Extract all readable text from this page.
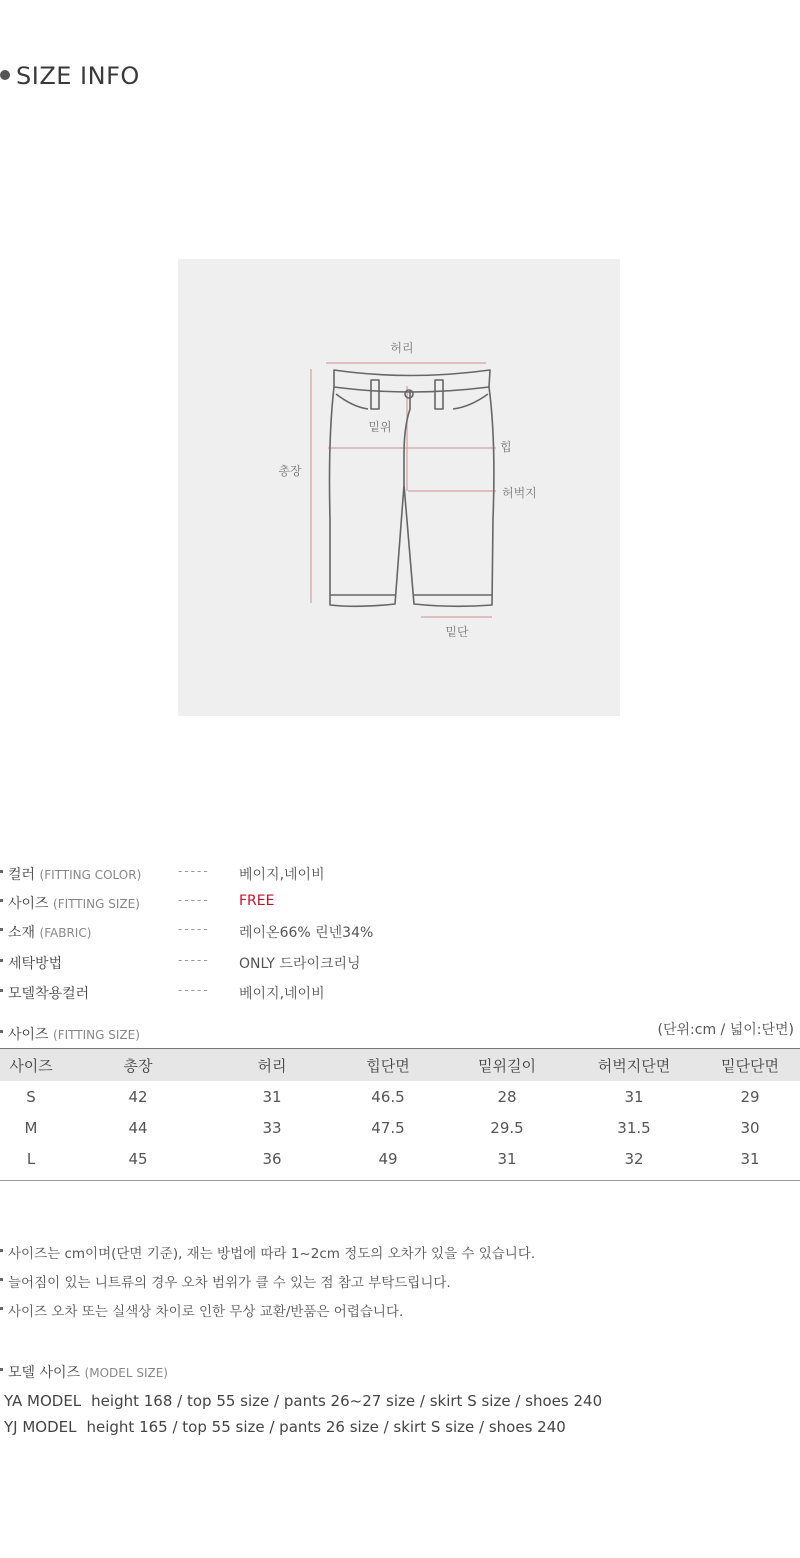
SIZE INFO
허리
밑위
힙
총장
허벅지
밑단
컬러 (FITTING COLOR)	----- 베이지,네이비
사이즈 (FITTING SIZE)	----- FREE
소재 (FABRIC)	----- 레이온66% 린넨34%
세탁방법	----- ONLY 드라이크리닝
모델착용컬러	----- 베이지,네이비
사이즈 (FITTING SIZE)	(단위:cm / 넓이:단면)
사이즈	총장	허리	힙단면	밑위길이	허벅지단면	밑단단면
S	42	31	46.5	28	31	29
M	44	33	47.5	29.5	31.5	30
L	45	36	49	31	32	31
사이즈는 cm이며(단면 기준), 재는 방법에 따라 1~2cm 정도의 오차가 있을 수 있습니다.
늘어짐이 있는 니트류의 경우 오차 범위가 클 수 있는 점 참고 부탁드립니다.
사이즈 오차 또는 실색상 차이로 인한 무상 교환/반품은 어렵습니다.
모델 사이즈 (MODEL SIZE)
YA MODEL height 168 / top 55 size / pants 26~27 size / skirt S size / shoes 240
YJ MODEL height 165 / top 55 size / pants 26 size / skirt S size / shoes 240
